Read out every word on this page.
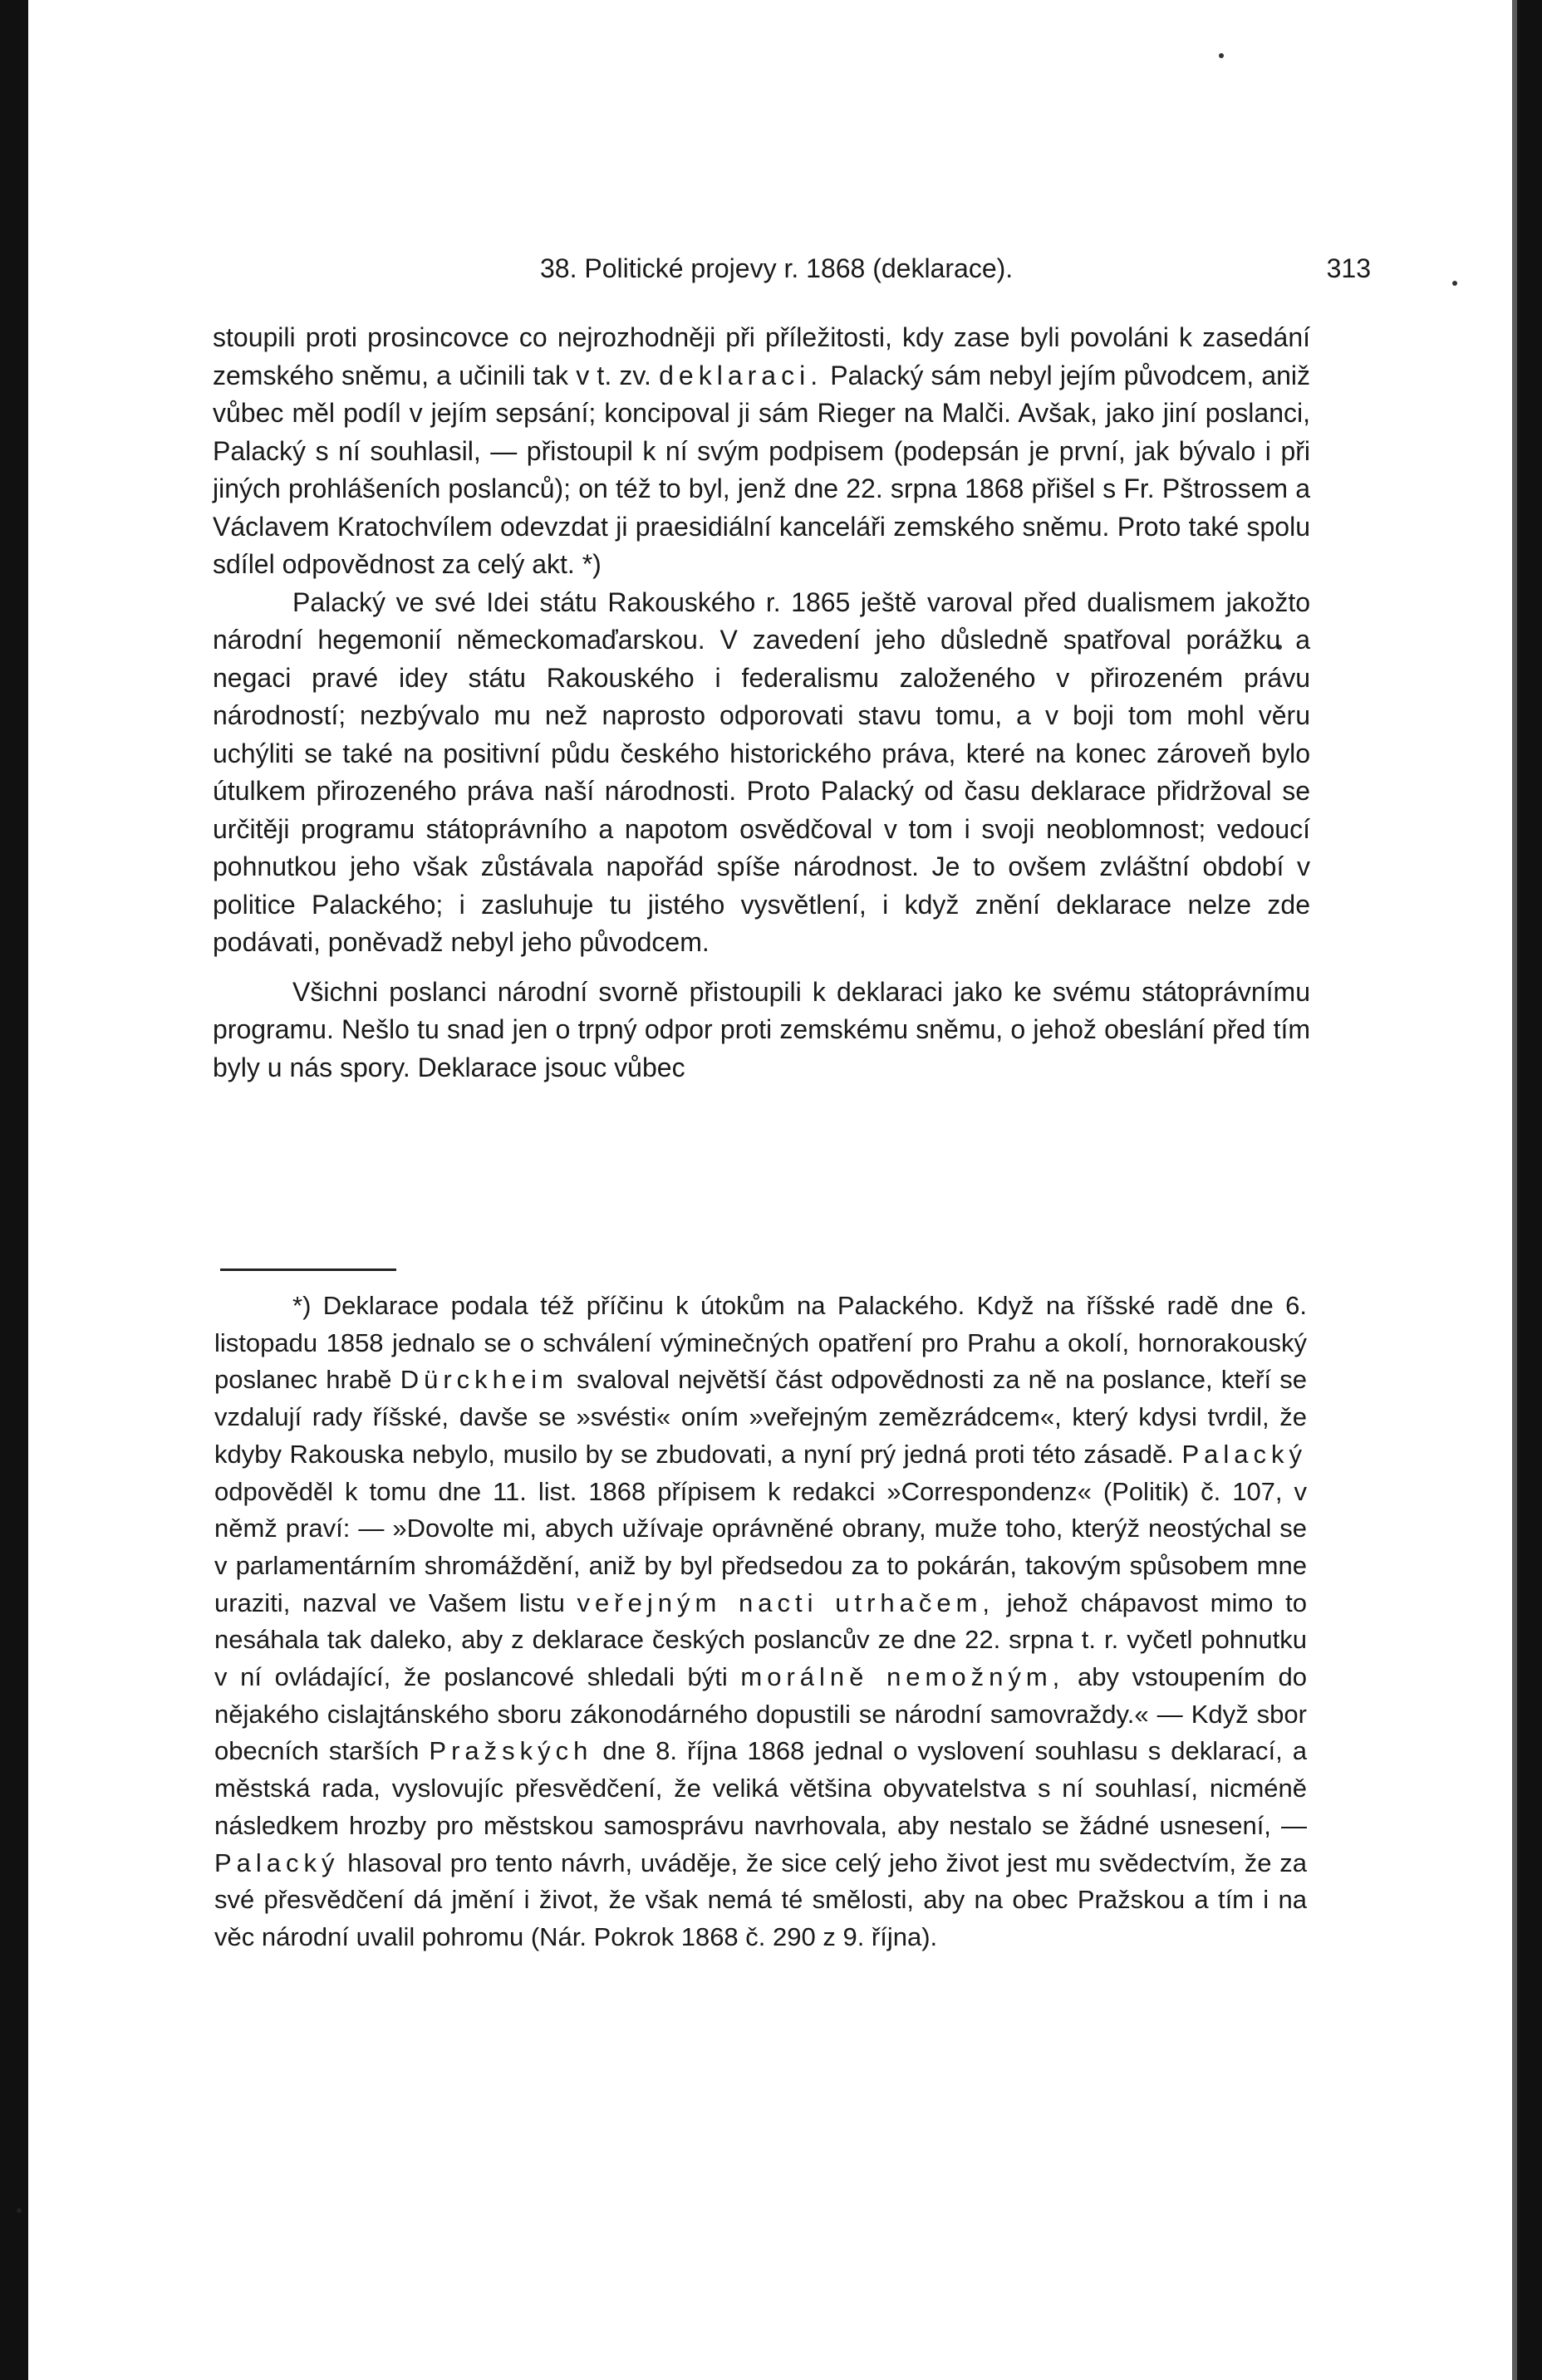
38. Politické projevy r. 1868 (deklarace).	313

stoupili proti prosincovce co nejrozhodněji při příležitosti, kdy zase byli povoláni k zasedání zemského sněmu, a učinili tak v t. zv. deklaraci. Palacký sám nebyl jejím původcem, aniž vůbec měl podíl v jejím sepsání; koncipoval ji sám Rieger na Malči. Avšak, jako jiní poslanci, Palacký s ní souhlasil, — přistoupil k ní svým podpisem (podepsán je první, jak bývalo i při jiných prohlášeních poslanců); on též to byl, jenž dne 22. srpna 1868 přišel s Fr. Pštrossem a Václavem Kratochvílem odevzdat ji praesidiální kanceláři zemského sněmu. Proto také spolu sdílel odpovědnost za celý akt. *)

Palacký ve své Idei státu Rakouského r. 1865 ještě varoval před dualismem jakožto národní hegemonií německomaďarskou. V zavedení jeho důsledně spatřoval porážku a negaci pravé idey státu Rakouského i federalismu založeného v přirozeném právu národností; nezbývalo mu než naprosto odporovati stavu tomu, a v boji tom mohl věru uchýliti se také na positivní půdu českého historického práva, které na konec zároveň bylo útulkem přirozeného práva naší národnosti. Proto Palacký od času deklarace přidržoval se určitěji programu státoprávního a napotom osvědčoval v tom i svoji neoblomnost; vedoucí pohnutkou jeho však zůstávala napořád spíše národnost. Je to ovšem zvláštní období v politice Palackého; i zasluhuje tu jistého vysvětlení, i když znění deklarace nelze zde podávati, poněvadž nebyl jeho původcem.

Všichni poslanci národní svorně přistoupili k deklaraci jako ke svému státoprávnímu programu. Nešlo tu snad jen o trpný odpor proti zemskému sněmu, o jehož obeslání před tím byly u nás spory. Deklarace jsouc vůbec

*) Deklarace podala též příčinu k útokům na Palackého. Když na říšské radě dne 6. listopadu 1858 jednalo se o schválení výminečných opatření pro Prahu a okolí, hornorakouský poslanec hrabě Dürckheim svaloval největší část odpovědnosti za ně na poslance, kteří se vzdalují rady říšské, davše se »svésti« oním »veřejným zemězrádcem«, který kdysi tvrdil, že kdyby Rakouska nebylo, musilo by se zbudovati, a nyní prý jedná proti této zásadě. Palacký odpověděl k tomu dne 11. list. 1868 přípisem k redakci »Correspondenz« (Politik) č. 107, v němž praví: — »Dovolte mi, abych užívaje oprávněné obrany, muže toho, kterýž neostýchal se v parlamentárním shromáždění, aniž by byl předsedou za to pokárán, takovým spůsobem mne uraziti, nazval ve Vašem listu veřejným nacti utrhačem, jehož chápavost mimo to nesáhala tak daleko, aby z deklarace českých poslancův ze dne 22. srpna t. r. vyčetl pohnutku v ní ovládající, že poslancové shledali býti morálně nemožným, aby vstoupením do nějakého cislajtánského sboru zákonodárného dopustili se národní samovraždy.« — Když sbor obecních starších Pražských dne 8. října 1868 jednal o vyslovení souhlasu s deklarací, a městská rada, vyslovujíc přesvědčení, že veliká většina obyvatelstva s ní souhlasí, nicméně následkem hrozby pro městskou samosprávu navrhovala, aby nestalo se žádné usnesení, — Palacký hlasoval pro tento návrh, uváděje, že sice celý jeho život jest mu svědectvím, že za své přesvědčení dá jmění i život, že však nemá té smělosti, aby na obec Pražskou a tím i na věc národní uvalil pohromu (Nár. Pokrok 1868 č. 290 z 9. října).
